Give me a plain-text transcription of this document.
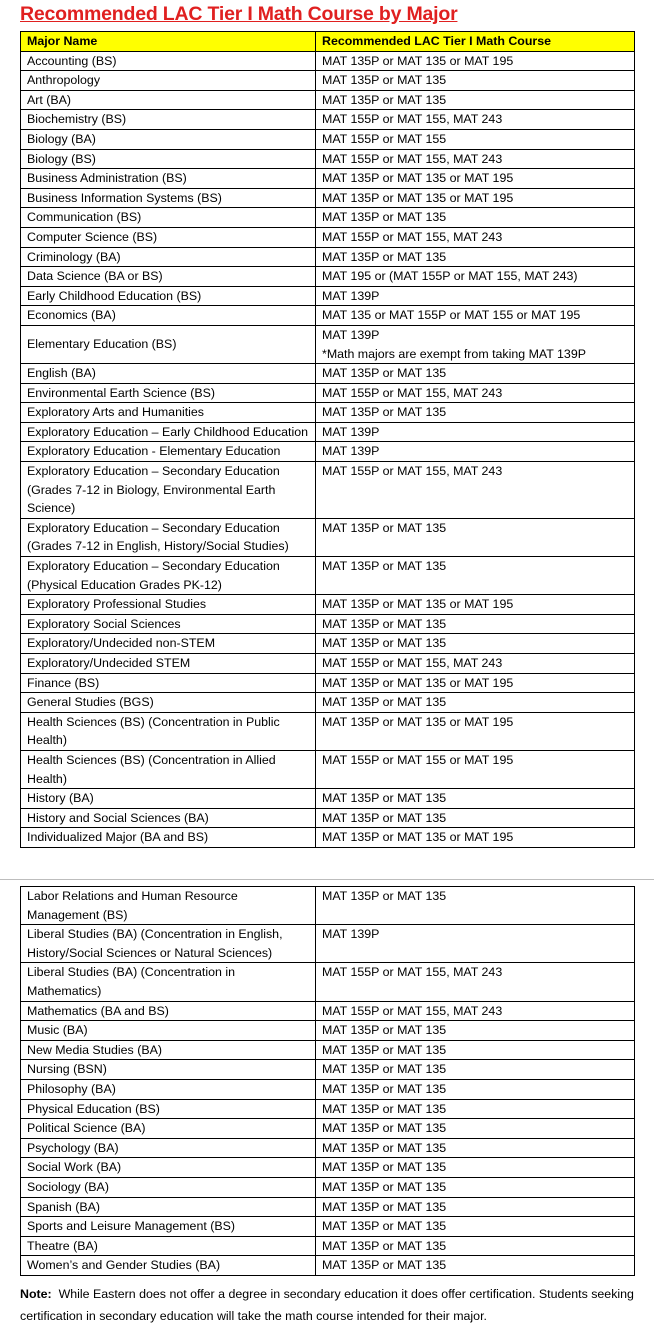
Recommended LAC Tier I Math Course by Major
Major Name	Recommended LAC Tier I Math Course
Accounting (BS)	MAT 135P or MAT 135 or MAT 195
Anthropology	MAT 135P or MAT 135
Art (BA)	MAT 135P or MAT 135
Biochemistry (BS)	MAT 155P or MAT 155, MAT 243
Biology (BA)	MAT 155P or MAT 155
Biology (BS)	MAT 155P or MAT 155, MAT 243
Business Administration (BS)	MAT 135P or MAT 135 or MAT 195
Business Information Systems (BS)	MAT 135P or MAT 135 or MAT 195
Communication (BS)	MAT 135P or MAT 135
Computer Science (BS)	MAT 155P or MAT 155, MAT 243
Criminology (BA)	MAT 135P or MAT 135
Data Science (BA or BS)	MAT 195 or (MAT 155P or MAT 155, MAT 243)
Early Childhood Education (BS)	MAT 139P
Economics (BA)	MAT 135 or MAT 155P or MAT 155 or MAT 195
Elementary Education (BS)	MAT 139P
*Math majors are exempt from taking MAT 139P

English (BA)	MAT 135P or MAT 135
Environmental Earth Science (BS)	MAT 155P or MAT 155, MAT 243
Exploratory Arts and Humanities	MAT 135P or MAT 135
Exploratory Education – Early Childhood Education	MAT 139P
Exploratory Education - Elementary Education	MAT 139P
Exploratory Education – Secondary Education (Grades 7-12 in Biology, Environmental Earth Science)	MAT 155P or MAT 155, MAT 243
Exploratory Education – Secondary Education (Grades 7-12 in English, History/Social Studies)	MAT 135P or MAT 135
Exploratory Education – Secondary Education (Physical Education Grades PK-12)	MAT 135P or MAT 135
Exploratory Professional Studies	MAT 135P or MAT 135 or MAT 195
Exploratory Social Sciences	MAT 135P or MAT 135
Exploratory/Undecided non-STEM	MAT 135P or MAT 135
Exploratory/Undecided STEM	MAT 155P or MAT 155, MAT 243
Finance (BS)	MAT 135P or MAT 135 or MAT 195
General Studies (BGS)	MAT 135P or MAT 135
Health Sciences (BS) (Concentration in Public Health)	MAT 135P or MAT 135 or MAT 195
Health Sciences (BS) (Concentration in Allied Health)	MAT 155P or MAT 155 or MAT 195
History (BA)	MAT 135P or MAT 135
History and Social Sciences (BA)	MAT 135P or MAT 135
Individualized Major (BA and BS)	MAT 135P or MAT 135 or MAT 195
Labor Relations and Human Resource Management (BS)	MAT 135P or MAT 135
Liberal Studies (BA) (Concentration in English, History/Social Sciences or Natural Sciences)	MAT 139P
Liberal Studies (BA) (Concentration in Mathematics)	MAT 155P or MAT 155, MAT 243
Mathematics (BA and BS)	MAT 155P or MAT 155, MAT 243
Music (BA)	MAT 135P or MAT 135
New Media Studies (BA)	MAT 135P or MAT 135
Nursing (BSN)	MAT 135P or MAT 135
Philosophy (BA)	MAT 135P or MAT 135
Physical Education (BS)	MAT 135P or MAT 135
Political Science (BA)	MAT 135P or MAT 135
Psychology (BA)	MAT 135P or MAT 135
Social Work (BA)	MAT 135P or MAT 135
Sociology (BA)	MAT 135P or MAT 135
Spanish (BA)	MAT 135P or MAT 135
Sports and Leisure Management (BS)	MAT 135P or MAT 135
Theatre (BA)	MAT 135P or MAT 135
Women’s and Gender Studies (BA)	MAT 135P or MAT 135

Note: While Eastern does not offer a degree in secondary education it does offer certification. Students seeking certification in secondary education will take the math course intended for their major.
